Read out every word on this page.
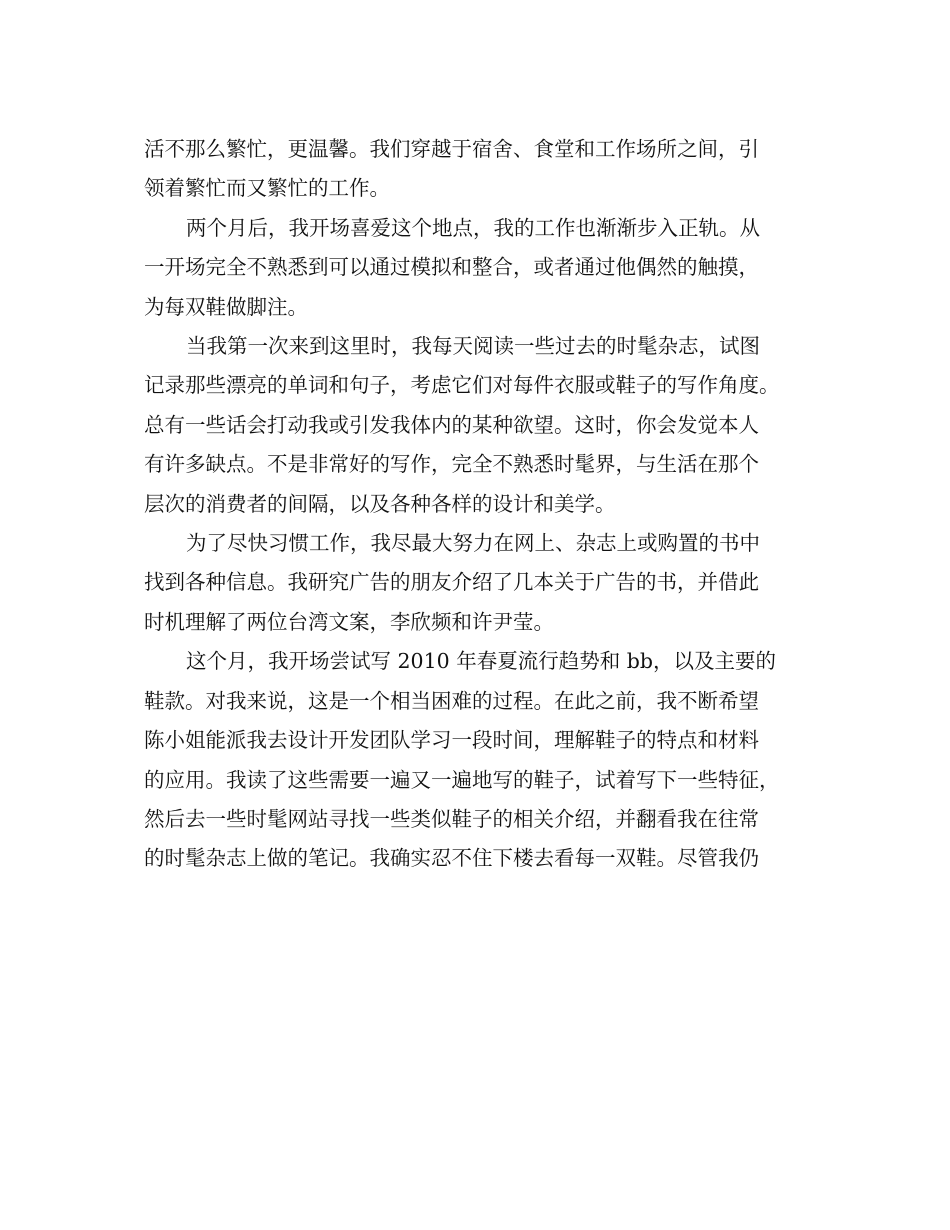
活不那么繁忙，更温馨。我们穿越于宿舍、食堂和工作场所之间，引
领着繁忙而又繁忙的工作。

两个月后，我开场喜爱这个地点，我的工作也渐渐步入正轨。从
一开场完全不熟悉到可以通过模拟和整合，或者通过他偶然的触摸，
为每双鞋做脚注。

当我第一次来到这里时，我每天阅读一些过去的时髦杂志，试图
记录那些漂亮的单词和句子，考虑它们对每件衣服或鞋子的写作角度。
总有一些话会打动我或引发我体内的某种欲望。这时，你会发觉本人
有许多缺点。不是非常好的写作，完全不熟悉时髦界，与生活在那个
层次的消费者的间隔，以及各种各样的设计和美学。

为了尽快习惯工作，我尽最大努力在网上、杂志上或购置的书中
找到各种信息。我研究广告的朋友介绍了几本关于广告的书，并借此
时机理解了两位台湾文案，李欣频和许尹莹。

这个月，我开场尝试写 2010 年春夏流行趋势和 bb，以及主要的
鞋款。对我来说，这是一个相当困难的过程。在此之前，我不断希望
陈小姐能派我去设计开发团队学习一段时间，理解鞋子的特点和材料
的应用。我读了这些需要一遍又一遍地写的鞋子，试着写下一些特征，
然后去一些时髦网站寻找一些类似鞋子的相关介绍，并翻看我在往常
的时髦杂志上做的笔记。我确实忍不住下楼去看每一双鞋。尽管我仍
